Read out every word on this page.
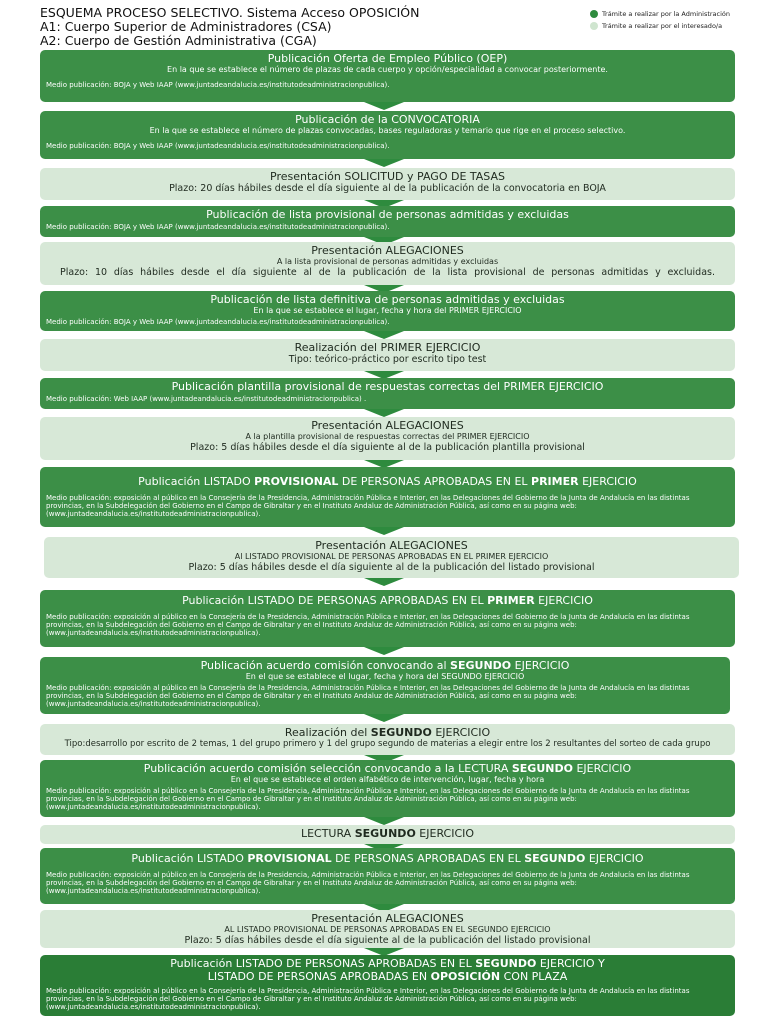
ESQUEMA PROCESO SELECTIVO. Sistema Acceso OPOSICIÓN
A1: Cuerpo Superior de Administradores (CSA)
A2: Cuerpo de Gestión Administrativa (CGA)
Trámite a realizar por la Administración
Trámite a realizar por el interesado/a
Publicación Oferta de Empleo Público (OEP)
En la que se establece el número de plazas de cada cuerpo y opción/especialidad a convocar posteriormente.
Medio publicación: BOJA y Web IAAP (www.juntadeandalucia.es/institutodeadministracionpublica).
Publicación de la CONVOCATORIA
En la que se establece el número de plazas convocadas, bases reguladoras y temario que rige en el proceso selectivo.
Medio publicación: BOJA y Web IAAP (www.juntadeandalucia.es/institutodeadministracionpublica).
Presentación SOLICITUD y PAGO DE TASAS
Plazo: 20 días hábiles desde el día siguiente al de la publicación de la convocatoria en BOJA
Publicación de lista provisional de personas admitidas y excluidas
Medio publicación: BOJA y Web IAAP (www.juntadeandalucia.es/institutodeadministracionpublica).
Presentación ALEGACIONES
A la lista provisional de personas admitidas y excluidas
Plazo: 10 días hábiles desde el día siguiente al de la publicación de la lista provisional de personas admitidas y excluidas.
Publicación de lista definitiva de personas admitidas y excluidas
En la que se establece el lugar, fecha y hora del PRIMER EJERCICIO
Medio publicación: BOJA y Web IAAP (www.juntadeandalucia.es/institutodeadministracionpublica).
Realización del PRIMER EJERCICIO
Tipo: teórico-práctico por escrito tipo test
Publicación plantilla provisional de respuestas correctas del PRIMER EJERCICIO
Medio publicación: Web IAAP (www.juntadeandalucia.es/institutodeadministracionpublica) .
Presentación ALEGACIONES
A la plantilla provisional de respuestas correctas del PRIMER EJERCICIO
Plazo: 5 días hábiles desde el día siguiente al de la publicación plantilla provisional
Publicación LISTADO PROVISIONAL DE PERSONAS APROBADAS EN EL PRIMER EJERCICIO
Medio publicación: exposición al público en la Consejería de la Presidencia, Administración Pública e Interior, en las Delegaciones del Gobierno de la Junta de Andalucía en las distintas provincias, en la Subdelegación del Gobierno en el Campo de Gibraltar y en el Instituto Andaluz de Administración Pública, así como en su página web: (www.juntadeandalucia.es/institutodeadministracionpublica).
Presentación ALEGACIONES
Al LISTADO PROVISIONAL DE PERSONAS APROBADAS EN EL PRIMER EJERCICIO
Plazo: 5 días hábiles desde el día siguiente al de la publicación del listado provisional
Publicación LISTADO DE PERSONAS APROBADAS EN EL PRIMER EJERCICIO
Medio publicación: exposición al público en la Consejería de la Presidencia, Administración Pública e Interior, en las Delegaciones del Gobierno de la Junta de Andalucía en las distintas provincias, en la Subdelegación del Gobierno en el Campo de Gibraltar y en el Instituto Andaluz de Administración Pública, así como en su página web: (www.juntadeandalucia.es/institutodeadministracionpublica).
Publicación acuerdo comisión convocando al SEGUNDO EJERCICIO
En el que se establece el lugar, fecha y hora del SEGUNDO EJERCICIO
Medio publicación: exposición al público en la Consejería de la Presidencia, Administración Pública e Interior, en las Delegaciones del Gobierno de la Junta de Andalucía en las distintas provincias, en la Subdelegación del Gobierno en el Campo de Gibraltar y en el Instituto Andaluz de Administración Pública, así como en su página web: (www.juntadeandalucia.es/institutodeadministracionpublica).
Realización del SEGUNDO EJERCICIO
Tipo:desarrollo por escrito de 2 temas, 1 del grupo primero y 1 del grupo segundo de materias a elegir entre los 2 resultantes del sorteo de cada grupo
Publicación acuerdo comisión selección convocando a la LECTURA SEGUNDO EJERCICIO
En el que se establece el orden alfabético de intervención, lugar, fecha y hora
Medio publicación: exposición al público en la Consejería de la Presidencia, Administración Pública e Interior, en las Delegaciones del Gobierno de la Junta de Andalucía en las distintas provincias, en la Subdelegación del Gobierno en el Campo de Gibraltar y en el Instituto Andaluz de Administración Pública, así como en su página web: (www.juntadeandalucia.es/institutodeadministracionpublica).
LECTURA SEGUNDO EJERCICIO
Publicación LISTADO PROVISIONAL DE PERSONAS APROBADAS EN EL SEGUNDO EJERCICIO
Medio publicación: exposición al público en la Consejería de la Presidencia, Administración Pública e Interior, en las Delegaciones del Gobierno de la Junta de Andalucía en las distintas provincias, en la Subdelegación del Gobierno en el Campo de Gibraltar y en el Instituto Andaluz de Administración Pública, así como en su página web: (www.juntadeandalucia.es/institutodeadministracionpublica).
Presentación ALEGACIONES
AL LISTADO PROVISIONAL DE PERSONAS APROBADAS EN EL SEGUNDO EJERCICIO
Plazo: 5 días hábiles desde el día siguiente al de la publicación del listado provisional
Publicación LISTADO DE PERSONAS APROBADAS EN EL SEGUNDO EJERCICIO Y
LISTADO DE PERSONAS APROBADAS EN OPOSICIÓN CON PLAZA
Medio publicación: exposición al público en la Consejería de la Presidencia, Administración Pública e Interior, en las Delegaciones del Gobierno de la Junta de Andalucía en las distintas provincias, en la Subdelegación del Gobierno en el Campo de Gibraltar y en el Instituto Andaluz de Administración Pública, así como en su página web: (www.juntadeandalucia.es/institutodeadministracionpublica).
